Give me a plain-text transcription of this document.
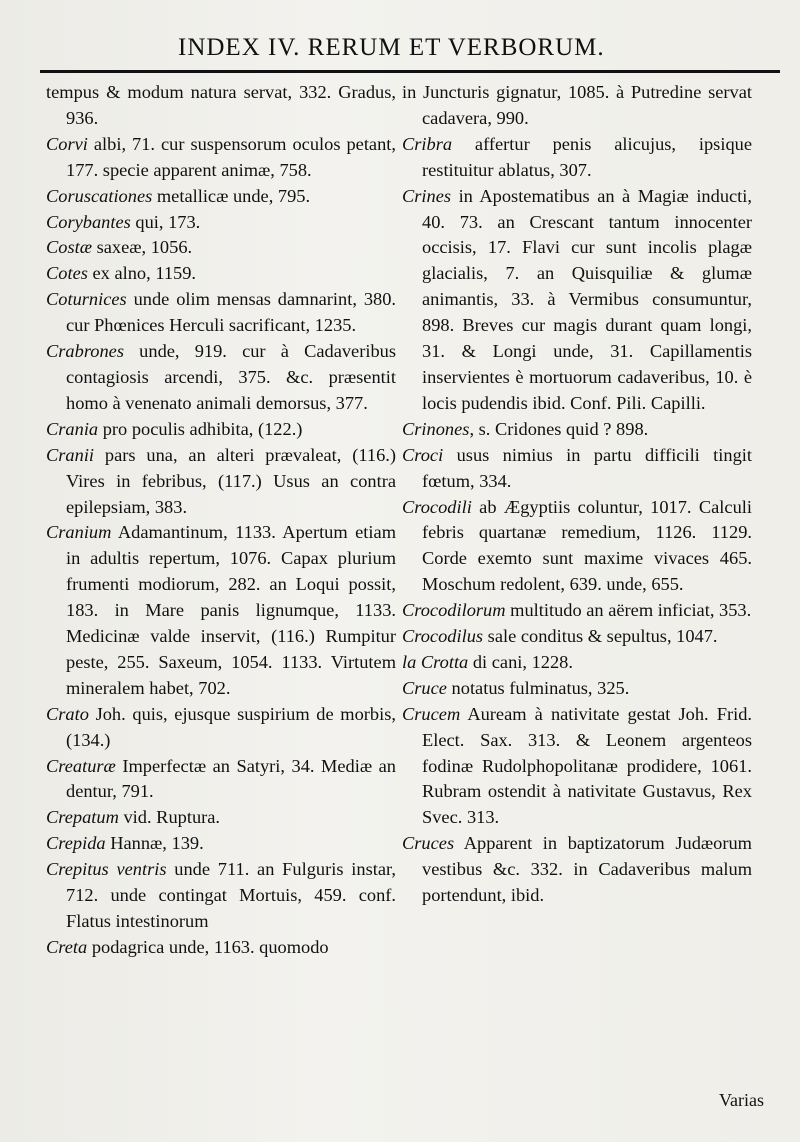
INDEX IV. RERUM ET VERBORUM.

tempus & modum natura servat, 332. Gradus, 936.

Corvi albi, 71. cur suspensorum oculos petant, 177. specie apparent animæ, 758.

Coruscationes metallicæ unde, 795.

Corybantes qui, 173.

Costæ saxeæ, 1056.

Cotes ex alno, 1159.

Coturnices unde olim mensas damnarint, 380. cur Phœnices Herculi sacrificant, 1235.

Crabrones unde, 919. cur à Cadaveribus contagiosis arcendi, 375. &c. præsentit homo à venenato animali demorsus, 377.

Crania pro poculis adhibita, (122.)

Cranii pars una, an alteri prævaleat, (116.) Vires in febribus, (117.) Usus an contra epilepsiam, 383.

Cranium Adamantinum, 1133. Apertum etiam in adultis repertum, 1076. Capax plurium frumenti modiorum, 282. an Loqui possit, 183. in Mare panis lignumque, 1133. Medicinæ valde inservit, (116.) Rumpitur peste, 255. Saxeum, 1054. 1133. Virtutem mineralem habet, 702.

Crato Joh. quis, ejusque suspirium de morbis, (134.)

Creaturæ Imperfectæ an Satyri, 34. Mediæ an dentur, 791.

Crepatum vid. Ruptura.

Crepida Hannæ, 139.

Crepitus ventris unde 711. an Fulguris instar, 712. unde contingat Mortuis, 459. conf. Flatus intestinorum

Creta podagrica unde, 1163. quomodo

in Juncturis gignatur, 1085. à Putredine servat cadavera, 990.

Cribra affertur penis alicujus, ipsique restituitur ablatus, 307.

Crines in Apostematibus an à Magiæ inducti, 40. 73. an Crescant tantum innocenter occisis, 17. Flavi cur sunt incolis plagæ glacialis, 7. an Quisquiliæ & glumæ animantis, 33. à Vermibus consumuntur, 898. Breves cur magis durant quam longi, 31. & Longi unde, 31. Capillamentis inservientes è mortuorum cadaveribus, 10. è locis pudendis ibid. Conf. Pili. Capilli.

Crinones, s. Cridones quid ? 898.

Croci usus nimius in partu difficili tingit fœtum, 334.

Crocodili ab Ægyptiis coluntur, 1017. Calculi febris quartanæ remedium, 1126. 1129. Corde exemto sunt maxime vivaces 465. Moschum redolent, 639. unde, 655.

Crocodilorum multitudo an aërem inficiat, 353.

Crocodilus sale conditus & sepultus, 1047.

la Crotta di cani, 1228.

Cruce notatus fulminatus, 325.

Crucem Auream à nativitate gestat Joh. Frid. Elect. Sax. 313. & Leonem argenteos fodinæ Rudolphopolitanæ prodidere, 1061. Rubram ostendit à nativitate Gustavus, Rex Svec. 313.

Cruces Apparent in baptizatorum Judæorum vestibus &c. 332. in Cadaveribus malum portendunt, ibid.

Varias
